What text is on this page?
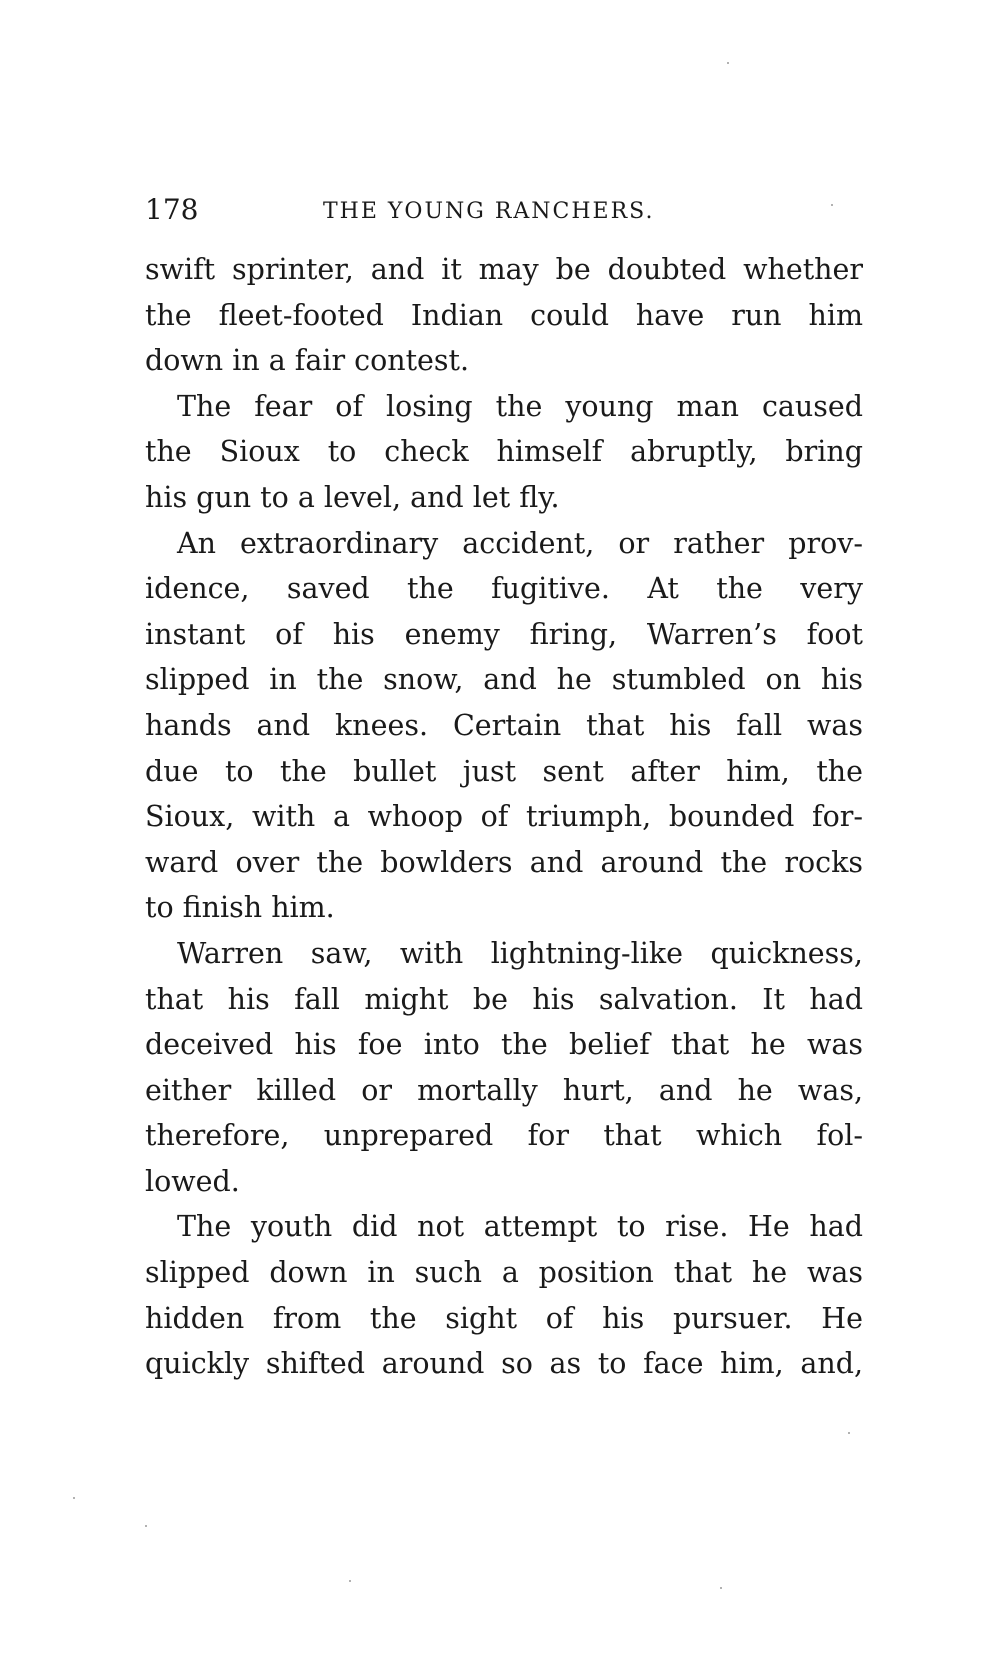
178	THE YOUNG RANCHERS.
swift sprinter, and it may be doubted whether
the fleet-footed Indian could have run him
down in a fair contest.
The fear of losing the young man caused
the Sioux to check himself abruptly, bring
his gun to a level, and let fly.
An extraordinary accident, or rather prov-
idence, saved the fugitive. At the very
instant of his enemy firing, Warren’s foot
slipped in the snow, and he stumbled on his
hands and knees. Certain that his fall was
due to the bullet just sent after him, the
Sioux, with a whoop of triumph, bounded for-
ward over the bowlders and around the rocks
to finish him.
Warren saw, with lightning-like quickness,
that his fall might be his salvation. It had
deceived his foe into the belief that he was
either killed or mortally hurt, and he was,
therefore, unprepared for that which fol-
lowed.
The youth did not attempt to rise. He had
slipped down in such a position that he was
hidden from the sight of his pursuer. He
quickly shifted around so as to face him, and,
